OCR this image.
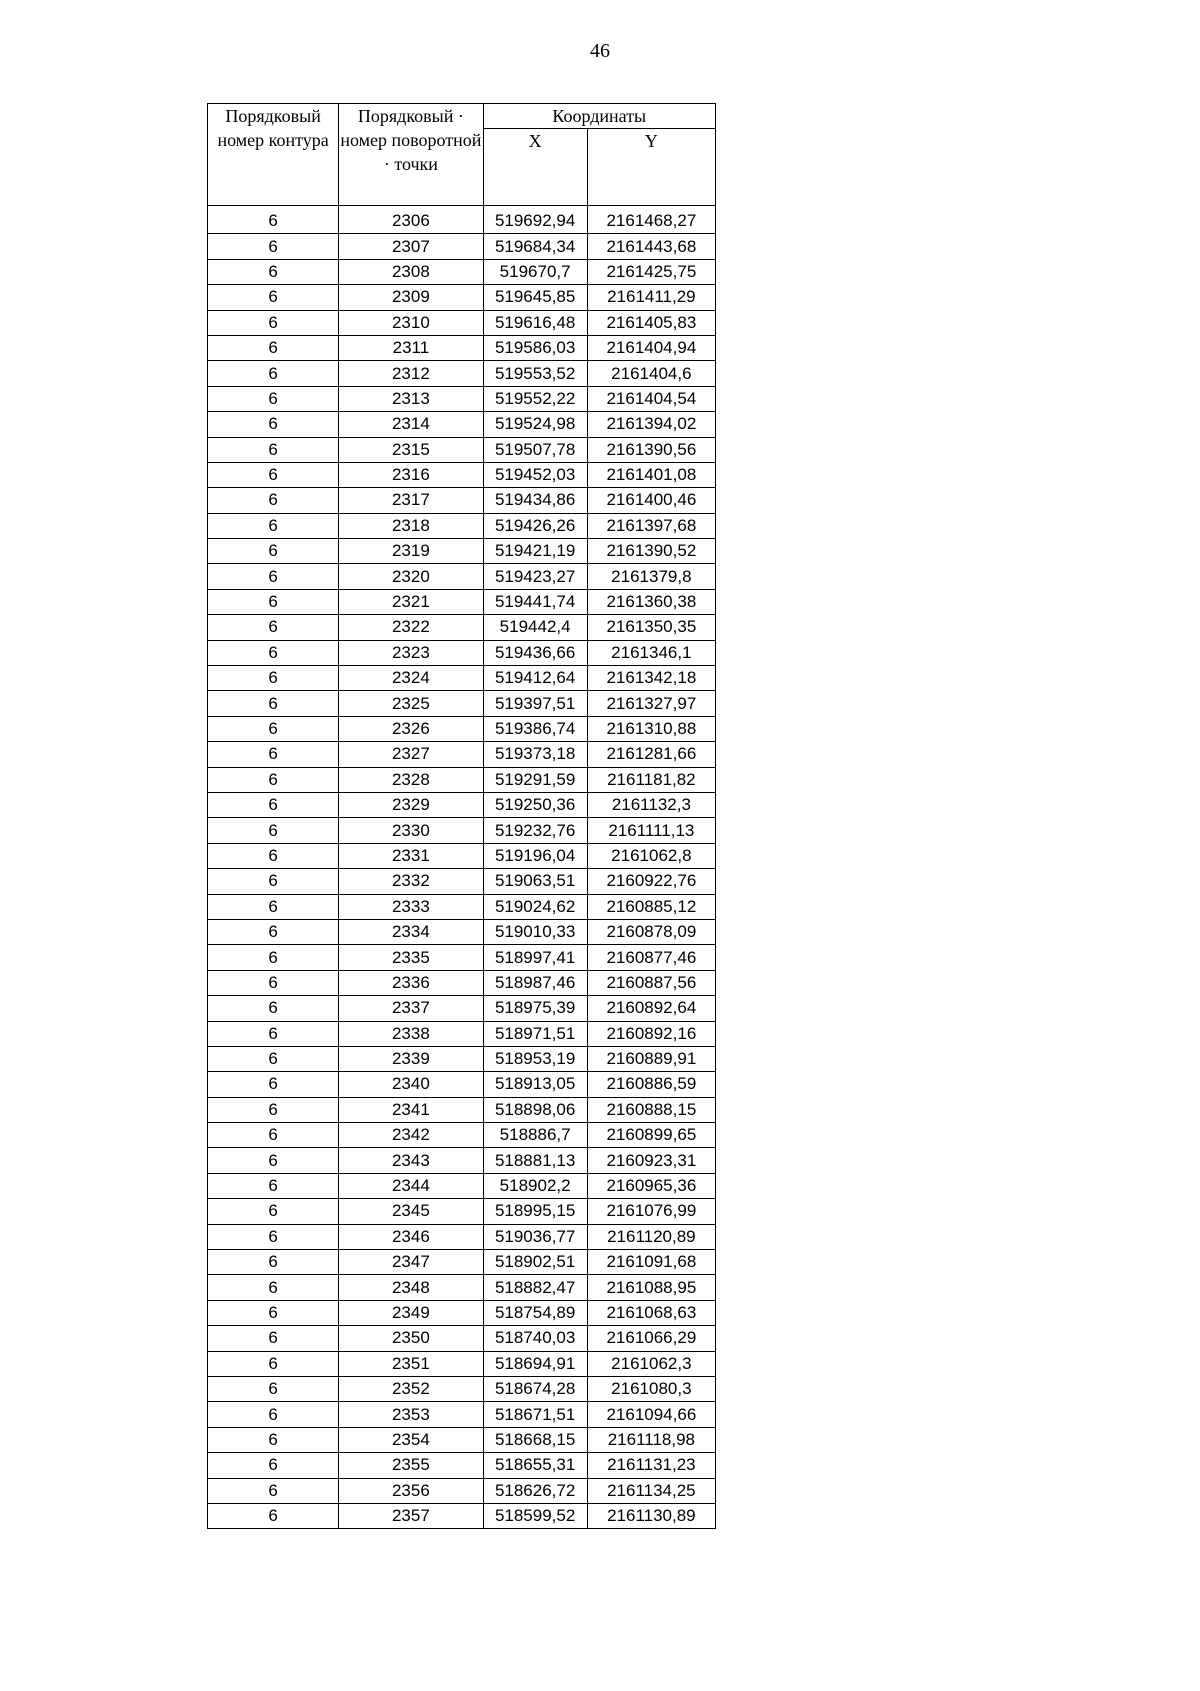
46
Порядковый номер контура	Порядковый · номер поворотной · точки	Координаты	
		X	Y
6	2306	519692,94	2161468,27
6	2307	519684,34	2161443,68
6	2308	519670,7	2161425,75
6	2309	519645,85	2161411,29
6	2310	519616,48	2161405,83
6	2311	519586,03	2161404,94
6	2312	519553,52	2161404,6
6	2313	519552,22	2161404,54
6	2314	519524,98	2161394,02
6	2315	519507,78	2161390,56
6	2316	519452,03	2161401,08
6	2317	519434,86	2161400,46
6	2318	519426,26	2161397,68
6	2319	519421,19	2161390,52
6	2320	519423,27	2161379,8
6	2321	519441,74	2161360,38
6	2322	519442,4	2161350,35
6	2323	519436,66	2161346,1
6	2324	519412,64	2161342,18
6	2325	519397,51	2161327,97
6	2326	519386,74	2161310,88
6	2327	519373,18	2161281,66
6	2328	519291,59	2161181,82
6	2329	519250,36	2161132,3
6	2330	519232,76	2161111,13
6	2331	519196,04	2161062,8
6	2332	519063,51	2160922,76
6	2333	519024,62	2160885,12
6	2334	519010,33	2160878,09
6	2335	518997,41	2160877,46
6	2336	518987,46	2160887,56
6	2337	518975,39	2160892,64
6	2338	518971,51	2160892,16
6	2339	518953,19	2160889,91
6	2340	518913,05	2160886,59
6	2341	518898,06	2160888,15
6	2342	518886,7	2160899,65
6	2343	518881,13	2160923,31
6	2344	518902,2	2160965,36
6	2345	518995,15	2161076,99
6	2346	519036,77	2161120,89
6	2347	518902,51	2161091,68
6	2348	518882,47	2161088,95
6	2349	518754,89	2161068,63
6	2350	518740,03	2161066,29
6	2351	518694,91	2161062,3
6	2352	518674,28	2161080,3
6	2353	518671,51	2161094,66
6	2354	518668,15	2161118,98
6	2355	518655,31	2161131,23
6	2356	518626,72	2161134,25
6	2357	518599,52	2161130,89
